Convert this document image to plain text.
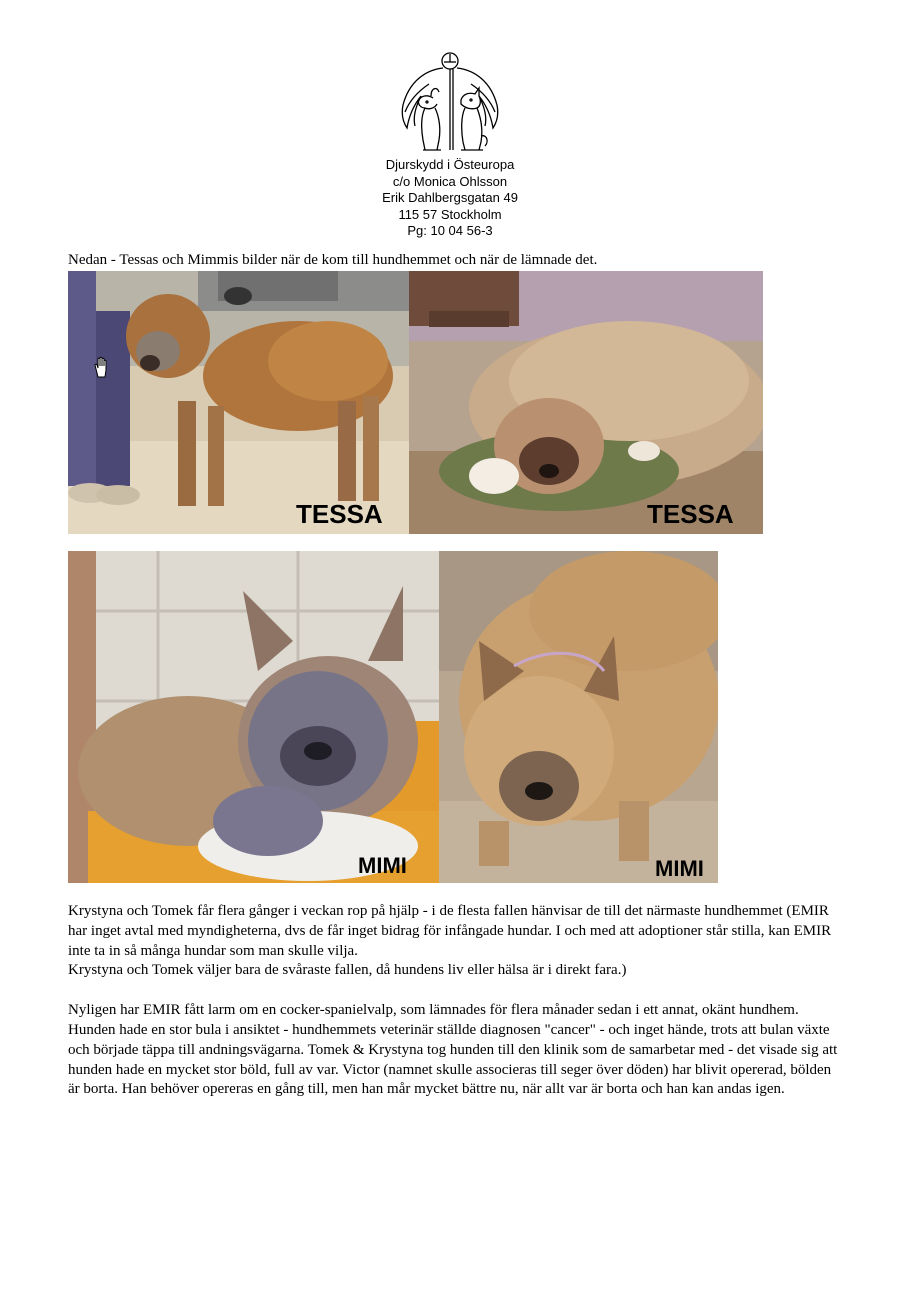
Djurskydd i Östeuropa
c/o Monica Ohlsson
Erik Dahlbergsgatan 49
115 57 Stockholm
Pg: 10 04 56-3
Nedan - Tessas och Mimmis bilder när de kom till hundhemmet och när de lämnade det.
TESSA	TESSA
MIMI	MIMI

Krystyna och Tomek får flera gånger i veckan rop på hjälp - i de flesta fallen hänvisar de till det närmaste hundhemmet (EMIR har inget avtal med myndigheterna, dvs de får inget bidrag för infångade hundar. I och med att adoptioner står stilla, kan EMIR inte ta in så många hundar som man skulle vilja.

Krystyna och Tomek väljer bara de svåraste fallen, då hundens liv eller hälsa är i direkt fara.)

Nyligen har EMIR fått larm om en cocker-spanielvalp, som lämnades för flera månader sedan i ett annat, okänt hundhem.

Hunden hade en stor bula i ansiktet - hundhemmets veterinär ställde diagnosen "cancer" - och inget hände, trots att bulan växte och började täppa till andningsvägarna. Tomek & Krystyna tog hunden till den klinik som de samarbetar med - det visade sig att hunden hade en mycket stor böld, full av var. Victor (namnet skulle associeras till seger över döden) har blivit opererad, bölden är borta. Han behöver opereras en gång till, men han mår mycket bättre nu, när allt var är borta och han kan andas igen.
